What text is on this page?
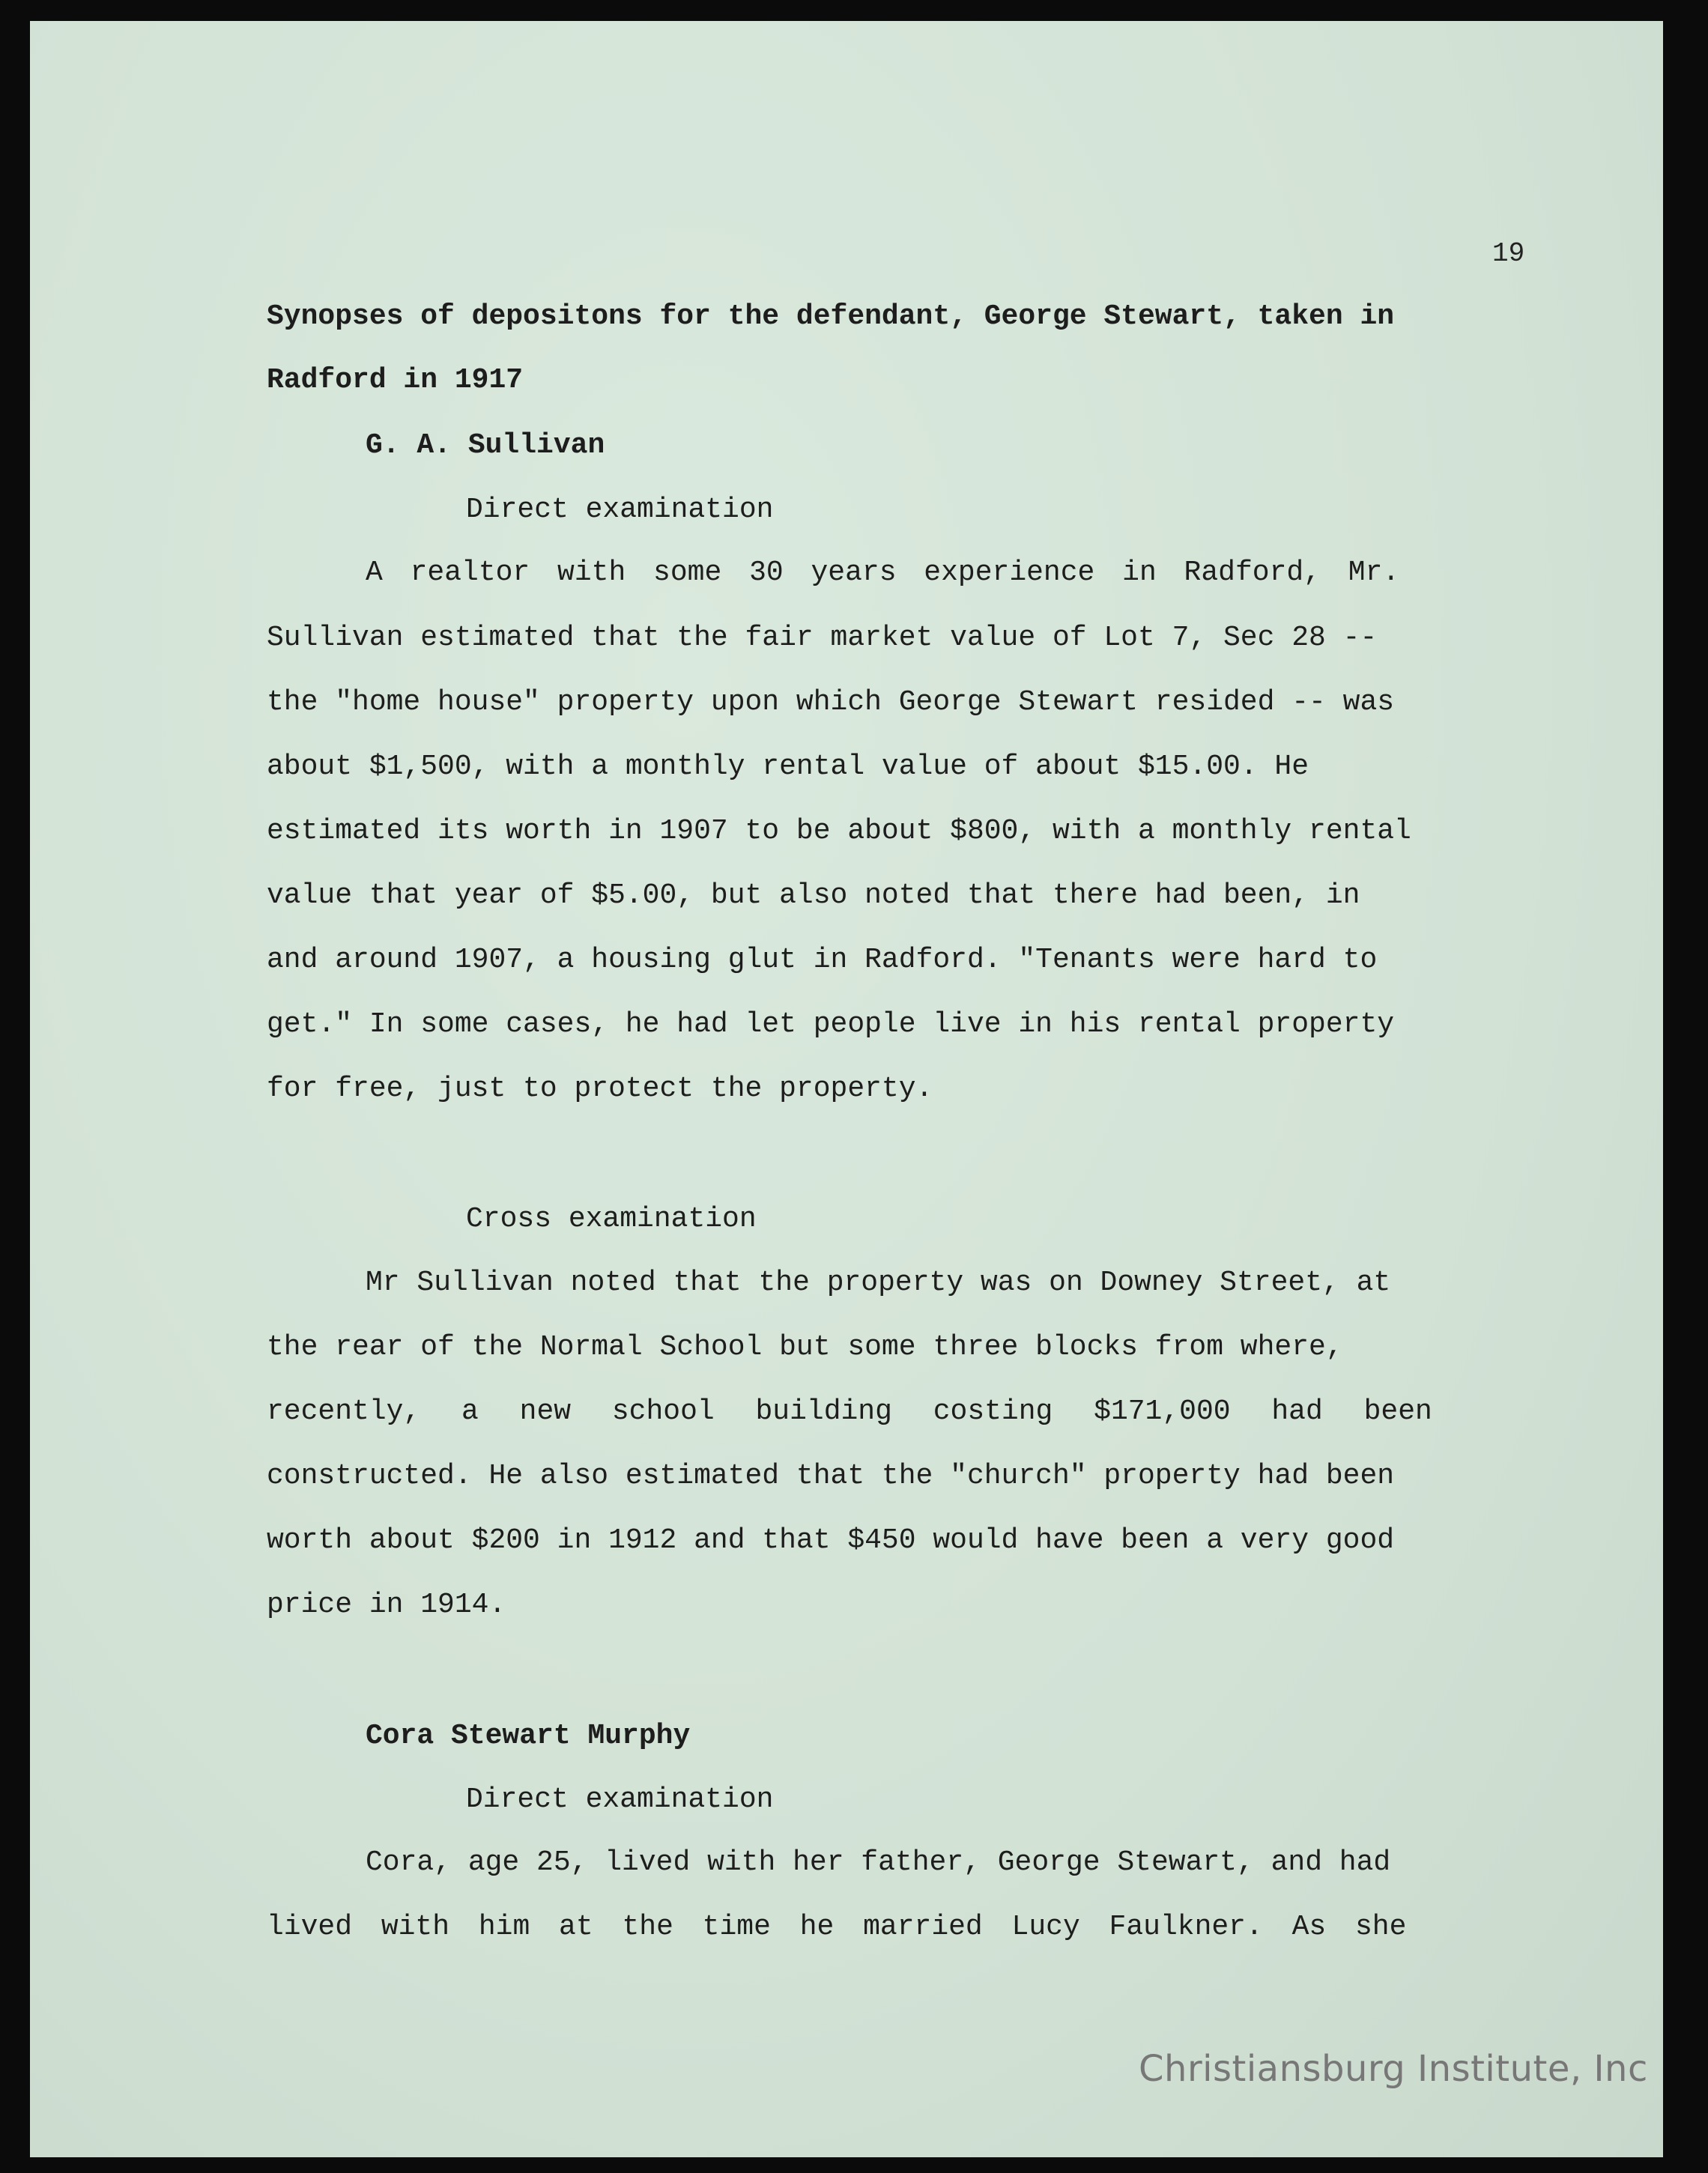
19
Synopses of depositons for the defendant, George Stewart, taken in
Radford in 1917
G. A. Sullivan
Direct examination
A realtor with some 30 years experience in Radford, Mr.
Sullivan estimated that the fair market value of Lot 7, Sec 28 --
the "home house" property upon which George Stewart resided -- was
about $1,500, with a monthly rental value of about $15.00. He
estimated its worth in 1907 to be about $800, with a monthly rental
value that year of $5.00, but also noted that there had been, in
and around 1907, a housing glut in Radford. "Tenants were hard to
get." In some cases, he had let people live in his rental property
for free, just to protect the property.
Cross examination
Mr Sullivan noted that the property was on Downey Street, at
the rear of the Normal School but some three blocks from where,
recently, a new school building costing $171,000 had been
constructed. He also estimated that the "church" property had been
worth about $200 in 1912 and that $450 would have been a very good
price in 1914.
Cora Stewart Murphy
Direct examination
Cora, age 25, lived with her father, George Stewart, and had
lived with him at the time he married Lucy Faulkner. As she
Christiansburg Institute, Inc
